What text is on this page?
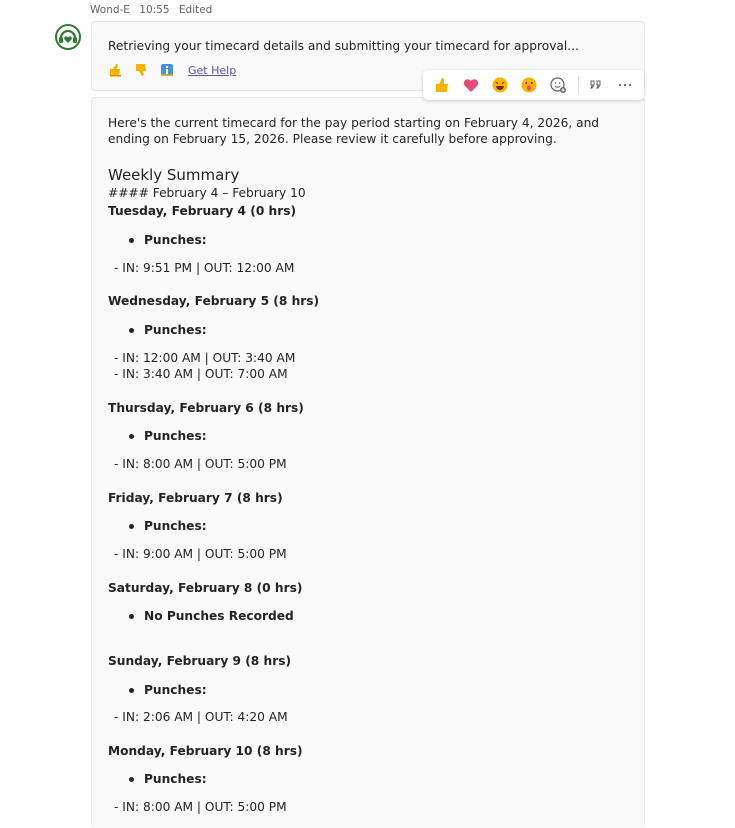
Wond-E 10:55 Edited
Retrieving your timecard details and submitting your timecard for approval...
Get Help
Here's the current timecard for the pay period starting on February 4, 2026, and ending on February 15, 2026. Please review it carefully before approving.
Weekly Summary
#### February 4 – February 10
Tuesday, February 4 (0 hrs)
Punches:
- IN: 9:51 PM | OUT: 12:00 AM
Wednesday, February 5 (8 hrs)
Punches:
- IN: 12:00 AM | OUT: 3:40 AM
- IN: 3:40 AM | OUT: 7:00 AM
Thursday, February 6 (8 hrs)
Punches:
- IN: 8:00 AM | OUT: 5:00 PM
Friday, February 7 (8 hrs)
Punches:
- IN: 9:00 AM | OUT: 5:00 PM
Saturday, February 8 (0 hrs)
No Punches Recorded
Sunday, February 9 (8 hrs)
Punches:
- IN: 2:06 AM | OUT: 4:20 AM
Monday, February 10 (8 hrs)
Punches:
- IN: 8:00 AM | OUT: 5:00 PM
